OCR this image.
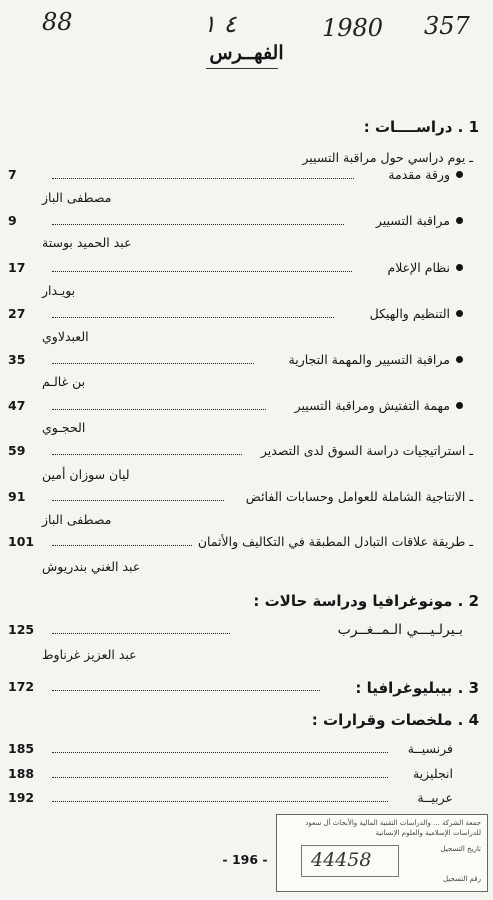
88	٤ ١	1980 357
الفهــرس
1 . دراســــات :
ـ يوم دراسي حول مراقبة التسيير
ورقة مقدمة
7
مصطفى الباز
مراقبة التسيير
9
عبد الحميد بوستة
نظام الإعلام
17
بويـدار
التنظيم والهيكل
27
العبدلاوي
مراقبة التسيير والمهمة التجارية
35
بن غالـم
مهمة التفتيش ومراقبة التسيير
47
الحجـوي
ـ استراتيجيات دراسة السوق لدى التصدير
59
ليان سوزان أمين
ـ الانتاجية الشاملة للعوامل وحسابات الفائض
91
مصطفى الباز
ـ طريقة علاقات التبادل المطبقة في التكاليف والأثمان
101
عبد الغني بندريوش
2 . مونوغرافيا ودراسة حالات :
بـيرلـيـــي الـمــغــرب
125
عبد العزيز غرناوط
3 . بيبليوغرافيا :
172
4 . ملخصات وقرارات :
فرنسيــة
185
انجليزية
188
عربيــة
192
- 196 -
جمعة الشركة ... والدراسات التقنية المالية والأبحاث أل سعود
للدراسات الإسلامية والعلوم الإنسانية
تاريخ التسجيل
رقم التسجيل
44458
